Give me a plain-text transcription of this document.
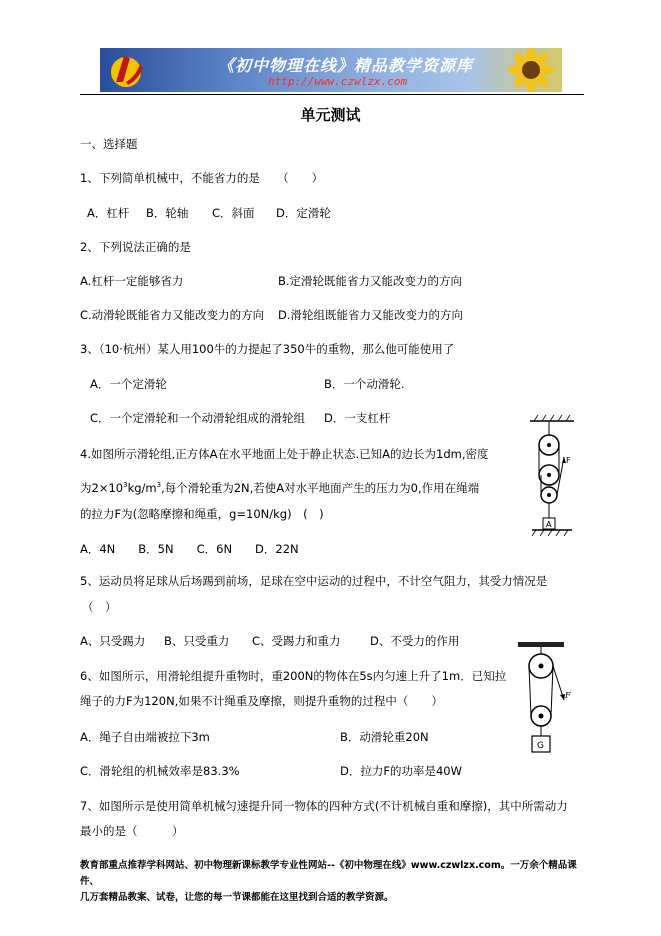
《初中物理在线》精品教学资源库
http://www.czwlzx.com
单元测试
一、选择题
1、下列简单机械中，不能省力的是　　（　　）
A．杠杆 B．轮轴 C．斜面 D．定滑轮
2、下列说法正确的是
A.杠杆一定能够省力	B.定滑轮既能省力又能改变力的方向
C.动滑轮既能省力又能改变力的方向 D.滑轮组既能省力又能改变力的方向
3、（10·杭州）某人用100牛的力提起了350牛的重物，那么他可能使用了
A．一个定滑轮	B．一个动滑轮.
C．一个定滑轮和一个动滑轮组成的滑轮组 D．一支杠杆
4.如图所示滑轮组,正方体A在水平地面上处于静止状态.已知A的边长为1dm,密度
为$2\times 10^3kg/m^3$,每个滑轮重为2N,若使A对水平地面产生的压力为0,作用在绳端
的拉力F为(忽略摩擦和绳重，g=10N/kg)　(　)
A．4N　　B．5N　　C．6N　　D．22N
F
A
5、运动员将足球从后场踢到前场，足球在空中运动的过程中，不计空气阻力，其受力情况是
（　）
A、只受踢力 B、只受重力 C、受踢力和重力	D、不受力的作用
6、如图所示，用滑轮组提升重物时，重200N的物体在5s内匀速上升了1m．已知拉
绳子的力F为120N,如果不计绳重及摩擦，则提升重物的过程中（　　）
A．绳子自由端被拉下3m	B．动滑轮重20N
C．滑轮组的机械效率是83.3%	D．拉力F的功率是40W
F
G
7、如图所示是使用简单机械匀速提升同一物体的四种方式(不计机械自重和摩擦)，其中所需动力
最小的是（　　　）
教育部重点推荐学科网站、初中物理新课标教学专业性网站--《初中物理在线》www.czwlzx.com。一万余个精品课件、
几万套精品教案、试卷，让您的每一节课都能在这里找到合适的教学资源。
